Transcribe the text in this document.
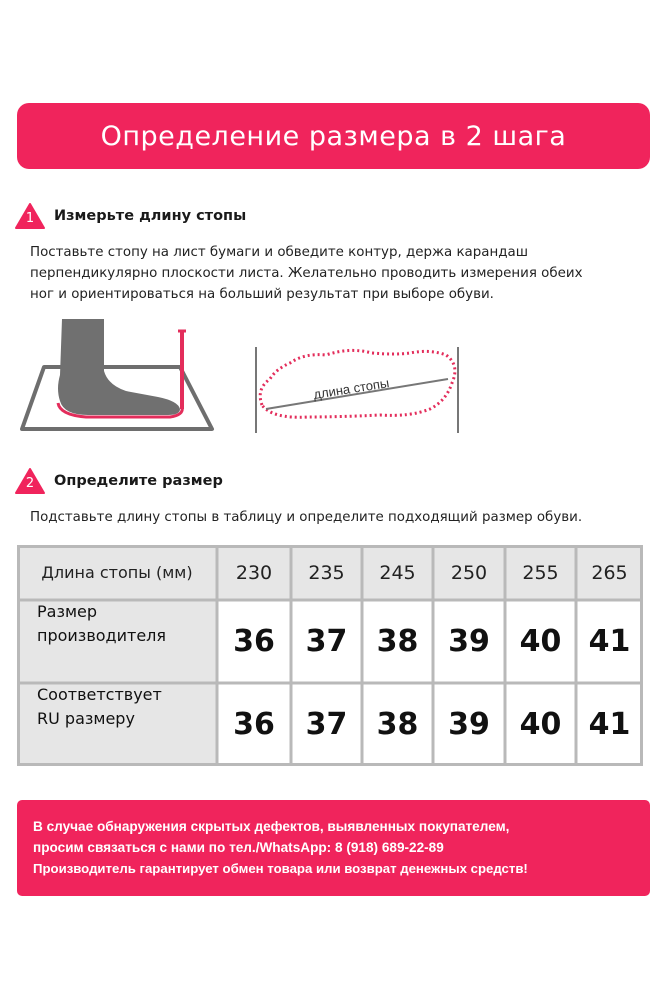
Определение размера в 2 шага
1	Измерьте длину стопы
Поставьте стопу на лист бумаги и обведите контур, держа карандаш
перпендикулярно плоскости листа. Желательно проводить измерения обеих
ног и ориентироваться на больший результат при выборе обуви.
длина стопы
2	Определите размер
Подставьте длину стопы в таблицу и определите подходящий размер обуви.
Длина стопы (мм)	230	235	245	250	255	265
Размер
производителя	36	37 38 39 40 41
Соответствует
RU размеру	36	37 38 39 40 41
В случае обнаружения скрытых дефектов, выявленных покупателем,
просим связаться с нами по тел./WhatsApp: 8 (918) 689-22-89
Производитель гарантирует обмен товара или возврат денежных средств!
